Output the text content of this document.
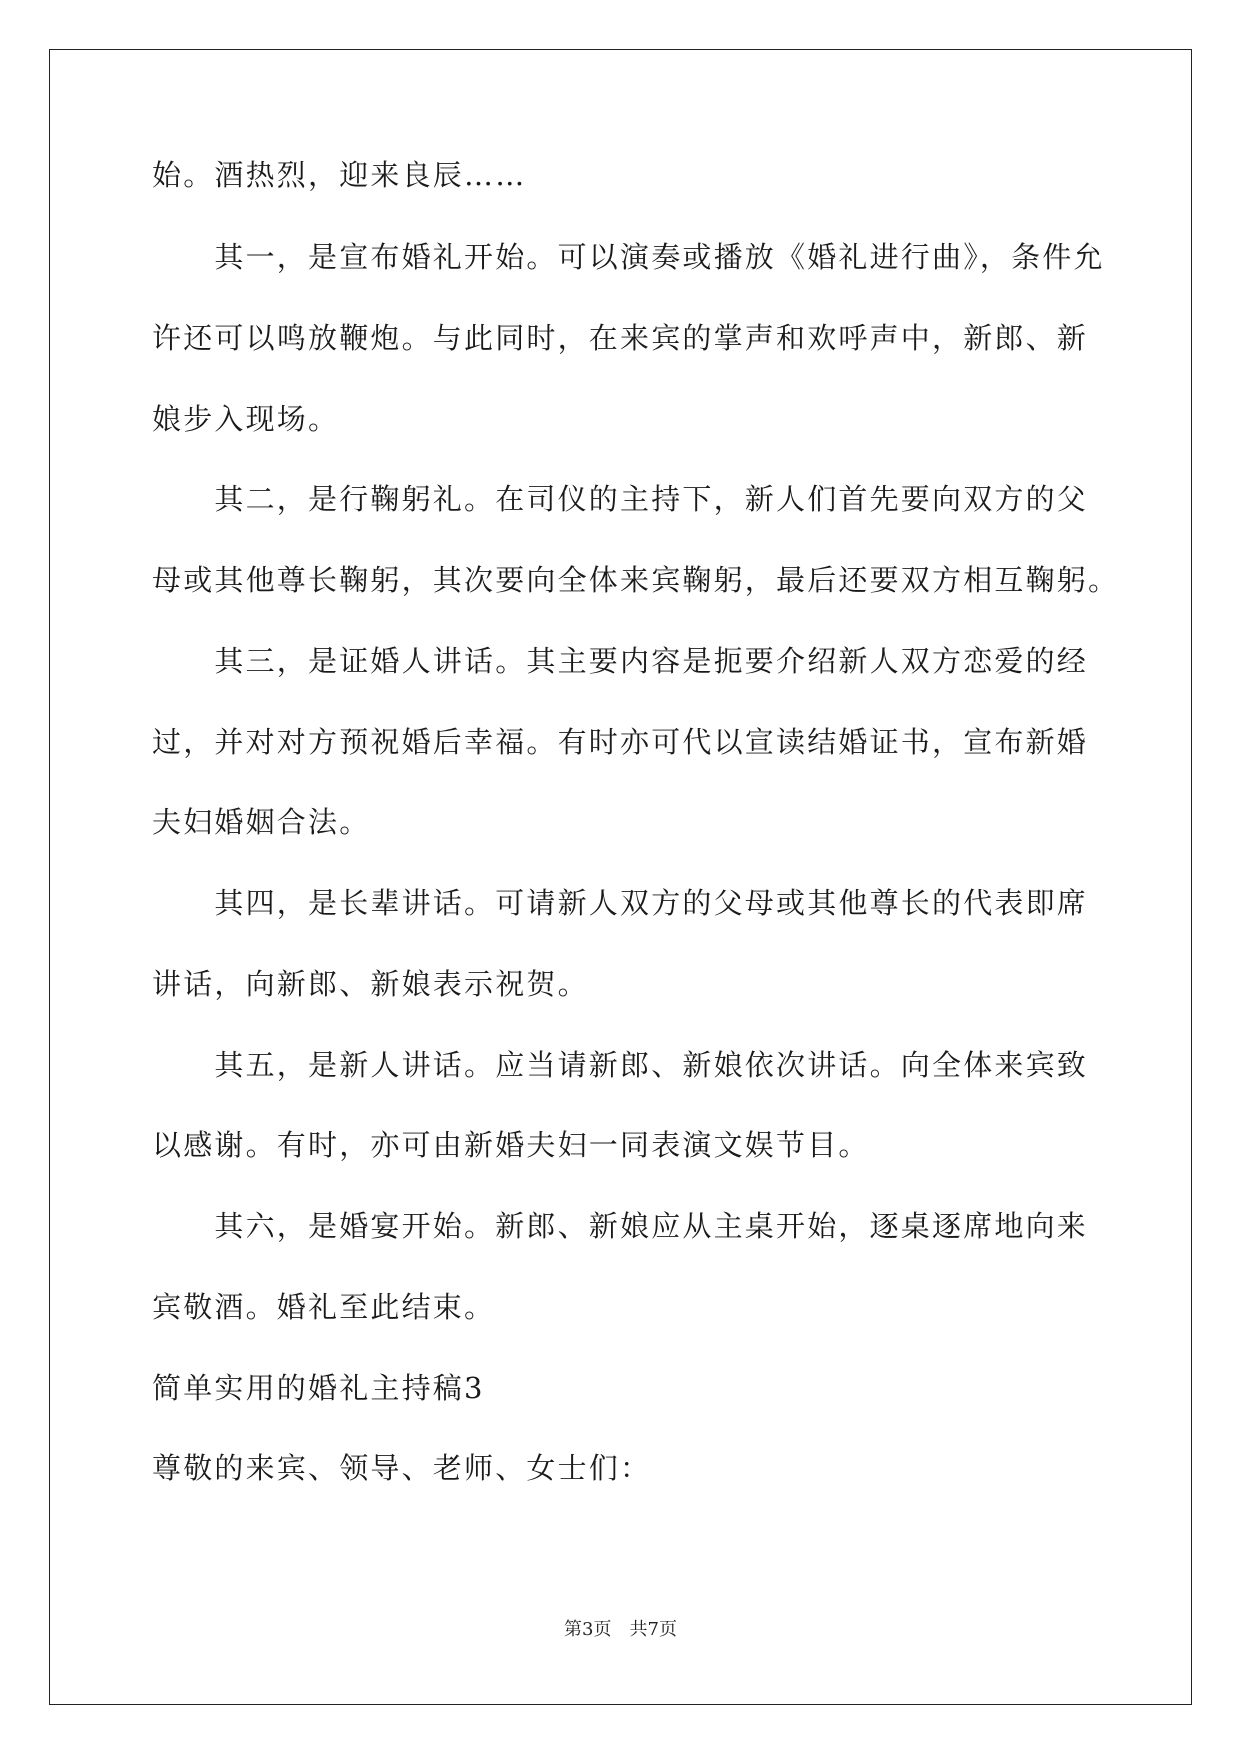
始。酒热烈，迎来良辰……
　　其一，是宣布婚礼开始。可以演奏或播放《婚礼进行曲》，条件允
许还可以鸣放鞭炮。与此同时，在来宾的掌声和欢呼声中，新郎、新
娘步入现场。
　　其二，是行鞠躬礼。在司仪的主持下，新人们首先要向双方的父
母或其他尊长鞠躬，其次要向全体来宾鞠躬，最后还要双方相互鞠躬。
　　其三，是证婚人讲话。其主要内容是扼要介绍新人双方恋爱的经
过，并对对方预祝婚后幸福。有时亦可代以宣读结婚证书，宣布新婚
夫妇婚姻合法。
　　其四，是长辈讲话。可请新人双方的父母或其他尊长的代表即席
讲话，向新郎、新娘表示祝贺。
　　其五，是新人讲话。应当请新郎、新娘依次讲话。向全体来宾致
以感谢。有时，亦可由新婚夫妇一同表演文娱节目。
　　其六，是婚宴开始。新郎、新娘应从主桌开始，逐桌逐席地向来
宾敬酒。婚礼至此结束。
简单实用的婚礼主持稿3
尊敬的来宾、领导、老师、女士们：
第3页　共7页
